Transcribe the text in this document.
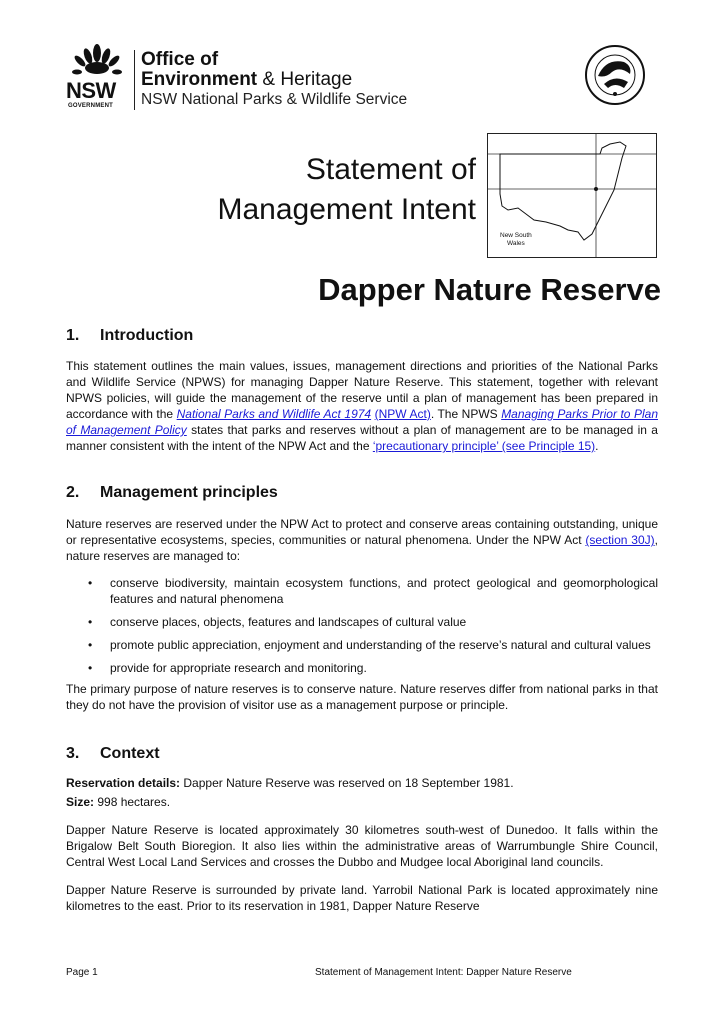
NSW
GOVERNMENT
Office of
Environment & Heritage
NSW National Parks & Wildlife Service
Statement of
Management Intent
New South
Wales
Dapper Nature Reserve
1.	Introduction

This statement outlines the main values, issues, management directions and priorities of the National Parks and Wildlife Service (NPWS) for managing Dapper Nature Reserve. This statement, together with relevant NPWS policies, will guide the management of the reserve until a plan of management has been prepared in accordance with the National Parks and Wildlife Act 1974 (NPW Act). The NPWS Managing Parks Prior to Plan of Management Policy states that parks and reserves without a plan of management are to be managed in a manner consistent with the intent of the NPW Act and the ‘precautionary principle’ (see Principle 15).

2.	Management principles

Nature reserves are reserved under the NPW Act to protect and conserve areas containing outstanding, unique or representative ecosystems, species, communities or natural phenomena. Under the NPW Act (section 30J), nature reserves are managed to:

• conserve biodiversity, maintain ecosystem functions, and protect geological and geomorphological features and natural phenomena
• conserve places, objects, features and landscapes of cultural value
• promote public appreciation, enjoyment and understanding of the reserve’s natural and cultural values
• provide for appropriate research and monitoring.

The primary purpose of nature reserves is to conserve nature. Nature reserves differ from national parks in that they do not have the provision of visitor use as a management purpose or principle.

3.	Context

Reservation details: Dapper Nature Reserve was reserved on 18 September 1981.

Size: 998 hectares.

Dapper Nature Reserve is located approximately 30 kilometres south-west of Dunedoo. It falls within the Brigalow Belt South Bioregion. It also lies within the administrative areas of Warrumbungle Shire Council, Central West Local Land Services and crosses the Dubbo and Mudgee local Aboriginal land councils.

Dapper Nature Reserve is surrounded by private land. Yarrobil National Park is located approximately nine kilometres to the east. Prior to its reservation in 1981, Dapper Nature Reserve

Page 1	Statement of Management Intent: Dapper Nature Reserve
